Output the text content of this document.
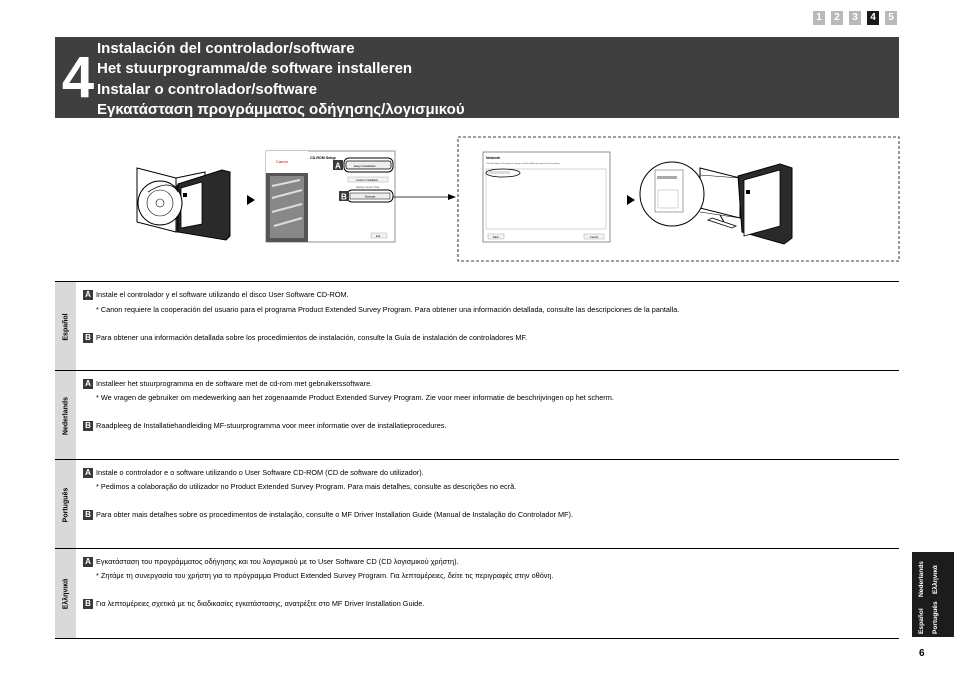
1	2	3	4	5
4 Instalación del controlador/software
Het stuurprogramma/de software installeren
Instalar o controlador/software
Εγκατάσταση προγράμματος οδήγησης/λογισμικού
Canon
CD-ROM Setup
Easy Installation
A
Custom Installation
Display manual / Help
Manuals
B
Exit
Network
Click the button of the network settings, and then follow the instruction of the dialog.
Back	Cancel
Español
A Instale el controlador y el software utilizando el disco User Software CD-ROM.
* Canon requiere la cooperación del usuario para el programa Product Extended Survey Program. Para obtener una información detallada, consulte las descripciones de la pantalla.
B Para obtener una información detallada sobre los procedimientos de instalación, consulte la Guía de instalación de controladores MF.
Nederlands
A Installeer het stuurprogramma en de software met de cd-rom met gebruikerssoftware.
* We vragen de gebruiker om medewerking aan het zogenaamde Product Extended Survey Program. Zie voor meer informatie de beschrijvingen op het scherm.
B Raadpleeg de Installatiehandleiding MF-stuurprogramma voor meer informatie over de installatieprocedures.
Português
A Instale o controlador e o software utilizando o User Software CD-ROM (CD de software do utilizador).
* Pedimos a colaboração do utilizador no Product Extended Survey Program. Para mais detalhes, consulte as descrições no ecrã.
B Para obter mais detalhes sobre os procedimentos de instalação, consulte o MF Driver Installation Guide (Manual de Instalação do Controlador MF).
Ελληνικά
A Εγκατάσταση του προγράμματος οδήγησης και του λογισμικού με το User Software CD (CD λογισμικού χρήστη).
* Ζητάμε τη συνεργασία του χρήστη για το πρόγραμμα Product Extended Survey Program. Για λεπτομέρειες, δείτε τις περιγραφές στην οθόνη.
B Για λεπτομέρειες σχετικά με τις διαδικασίες εγκατάστασης, ανατρέξτε στο MF Driver Installation Guide.
Español
Nederlands
Português
Ελληνικά
6
